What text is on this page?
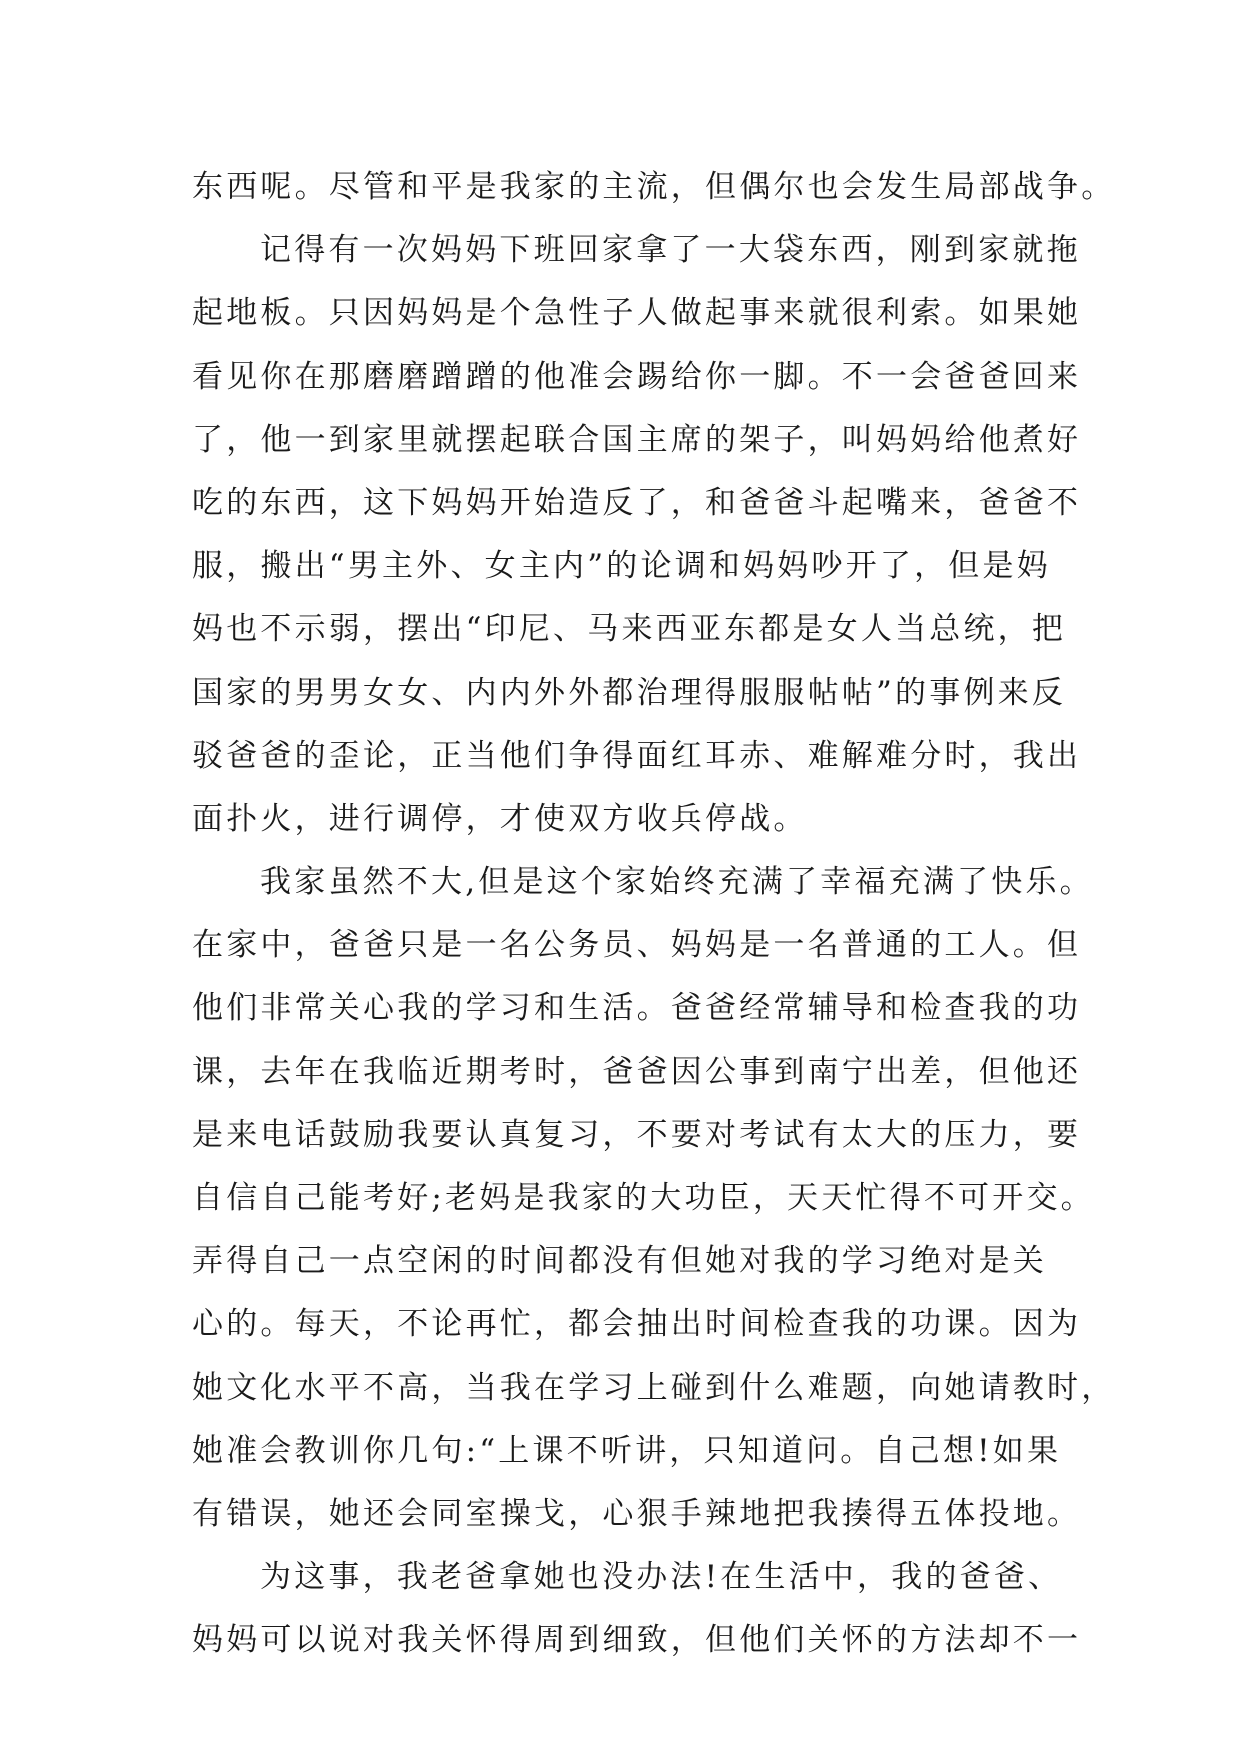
东西呢。尽管和平是我家的主流，但偶尔也会发生局部战争。
记得有一次妈妈下班回家拿了一大袋东西，刚到家就拖
起地板。只因妈妈是个急性子人做起事来就很利索。如果她
看见你在那磨磨蹭蹭的他准会踢给你一脚。不一会爸爸回来
了，他一到家里就摆起联合国主席的架子，叫妈妈给他煮好
吃的东西，这下妈妈开始造反了，和爸爸斗起嘴来，爸爸不
服，搬出“男主外、女主内”的论调和妈妈吵开了，但是妈
妈也不示弱，摆出“印尼、马来西亚东都是女人当总统，把
国家的男男女女、内内外外都治理得服服帖帖”的事例来反
驳爸爸的歪论，正当他们争得面红耳赤、难解难分时，我出
面扑火，进行调停，才使双方收兵停战。
我家虽然不大,但是这个家始终充满了幸福充满了快乐。
在家中，爸爸只是一名公务员、妈妈是一名普通的工人。但
他们非常关心我的学习和生活。爸爸经常辅导和检查我的功
课，去年在我临近期考时，爸爸因公事到南宁出差，但他还
是来电话鼓励我要认真复习，不要对考试有太大的压力，要
自信自己能考好;老妈是我家的大功臣，天天忙得不可开交。
弄得自己一点空闲的时间都没有但她对我的学习绝对是关
心的。每天，不论再忙，都会抽出时间检查我的功课。因为
她文化水平不高，当我在学习上碰到什么难题，向她请教时，
她准会教训你几句:“上课不听讲，只知道问。自己想!如果
有错误，她还会同室操戈，心狠手辣地把我揍得五体投地。
为这事，我老爸拿她也没办法!在生活中，我的爸爸、
妈妈可以说对我关怀得周到细致，但他们关怀的方法却不一
